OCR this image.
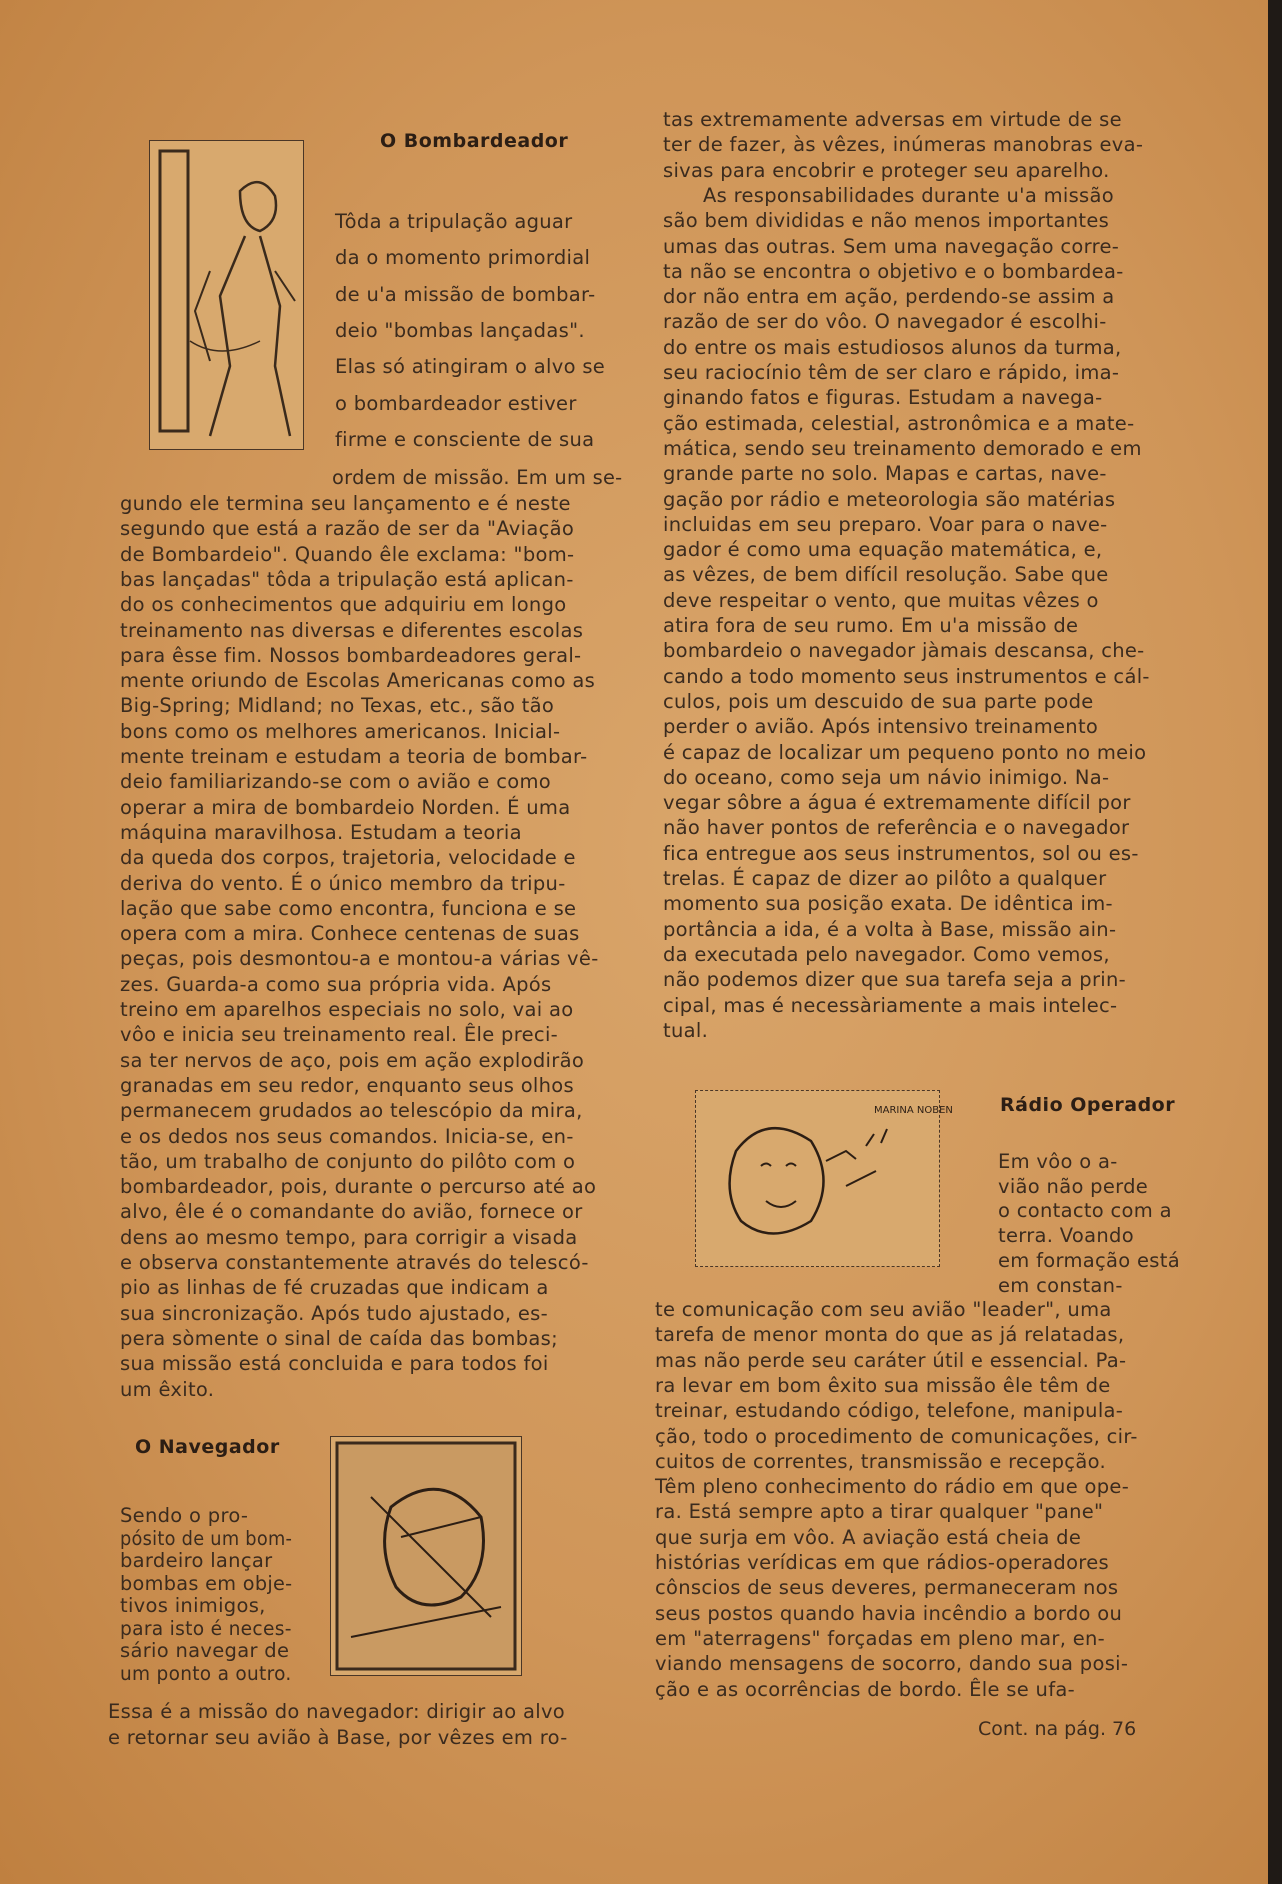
MARINA NOBEN
O Bombardeador
Tôda a tripulação aguar
da o momento primordial
de u'a missão de bombar-
deio "bombas lançadas".
Elas só atingiram o alvo se
o bombardeador estiver
firme e consciente de sua
ordem de missão. Em um se-
gundo ele termina seu lançamento e é neste
segundo que está a razão de ser da "Aviação
de Bombardeio". Quando êle exclama: "bom-
bas lançadas" tôda a tripulação está aplican-
do os conhecimentos que adquiriu em longo
treinamento nas diversas e diferentes escolas
para êsse fim. Nossos bombardeadores geral-
mente oriundo de Escolas Americanas como as
Big-Spring; Midland; no Texas, etc., são tão
bons como os melhores americanos. Inicial-
mente treinam e estudam a teoria de bombar-
deio familiarizando-se com o avião e como
operar a mira de bombardeio Norden. É uma
máquina maravilhosa. Estudam a teoria
da queda dos corpos, trajetoria, velocidade e
deriva do vento. É o único membro da tripu-
lação que sabe como encontra, funciona e se
opera com a mira. Conhece centenas de suas
peças, pois desmontou-a e montou-a várias vê-
zes. Guarda-a como sua própria vida. Após
treino em aparelhos especiais no solo, vai ao
vôo e inicia seu treinamento real. Êle preci-
sa ter nervos de aço, pois em ação explodirão
granadas em seu redor, enquanto seus olhos
permanecem grudados ao telescópio da mira,
e os dedos nos seus comandos. Inicia-se, en-
tão, um trabalho de conjunto do pilôto com o
bombardeador, pois, durante o percurso até ao
alvo, êle é o comandante do avião, fornece or
dens ao mesmo tempo, para corrigir a visada
e observa constantemente através do telescó-
pio as linhas de fé cruzadas que indicam a
sua sincronização. Após tudo ajustado, es-
pera sòmente o sinal de caída das bombas;
sua missão está concluida e para todos foi
um êxito.
O Navegador
Sendo o pro-
pósito de um bom-
bardeiro lançar
bombas em obje-
tivos inimigos,
para isto é neces-
sário navegar de
um ponto a outro.
Essa é a missão do navegador: dirigir ao alvo
e retornar seu avião à Base, por vêzes em ro-
tas extremamente adversas em virtude de se
ter de fazer, às vêzes, inúmeras manobras eva-
sivas para encobrir e proteger seu aparelho.
As responsabilidades durante u'a missão
são bem divididas e não menos importantes
umas das outras. Sem uma navegação corre-
ta não se encontra o objetivo e o bombardea-
dor não entra em ação, perdendo-se assim a
razão de ser do vôo. O navegador é escolhi-
do entre os mais estudiosos alunos da turma,
seu raciocínio têm de ser claro e rápido, ima-
ginando fatos e figuras. Estudam a navega-
ção estimada, celestial, astronômica e a mate-
mática, sendo seu treinamento demorado e em
grande parte no solo. Mapas e cartas, nave-
gação por rádio e meteorologia são matérias
incluidas em seu preparo. Voar para o nave-
gador é como uma equação matemática, e,
as vêzes, de bem difícil resolução. Sabe que
deve respeitar o vento, que muitas vêzes o
atira fora de seu rumo. Em u'a missão de
bombardeio o navegador jàmais descansa, che-
cando a todo momento seus instrumentos e cál-
culos, pois um descuido de sua parte pode
perder o avião. Após intensivo treinamento
é capaz de localizar um pequeno ponto no meio
do oceano, como seja um návio inimigo. Na-
vegar sôbre a água é extremamente difícil por
não haver pontos de referência e o navegador
fica entregue aos seus instrumentos, sol ou es-
trelas. É capaz de dizer ao pilôto a qualquer
momento sua posição exata. De idêntica im-
portância a ida, é a volta à Base, missão ain-
da executada pelo navegador. Como vemos,
não podemos dizer que sua tarefa seja a prin-
cipal, mas é necessàriamente a mais intelec-
tual.
Rádio Operador
Em vôo o a-
vião não perde
o contacto com a
terra. Voando
em formação está
em constan-
te comunicação com seu avião "leader", uma
tarefa de menor monta do que as já relatadas,
mas não perde seu caráter útil e essencial. Pa-
ra levar em bom êxito sua missão êle têm de
treinar, estudando código, telefone, manipula-
ção, todo o procedimento de comunicações, cir-
cuitos de correntes, transmissão e recepção.
Têm pleno conhecimento do rádio em que ope-
ra. Está sempre apto a tirar qualquer "pane"
que surja em vôo. A aviação está cheia de
histórias verídicas em que rádios-operadores
cônscios de seus deveres, permaneceram nos
seus postos quando havia incêndio a bordo ou
em "aterragens" forçadas em pleno mar, en-
viando mensagens de socorro, dando sua posi-
ção e as ocorrências de bordo. Êle se ufa-
Cont. na pág. 76
